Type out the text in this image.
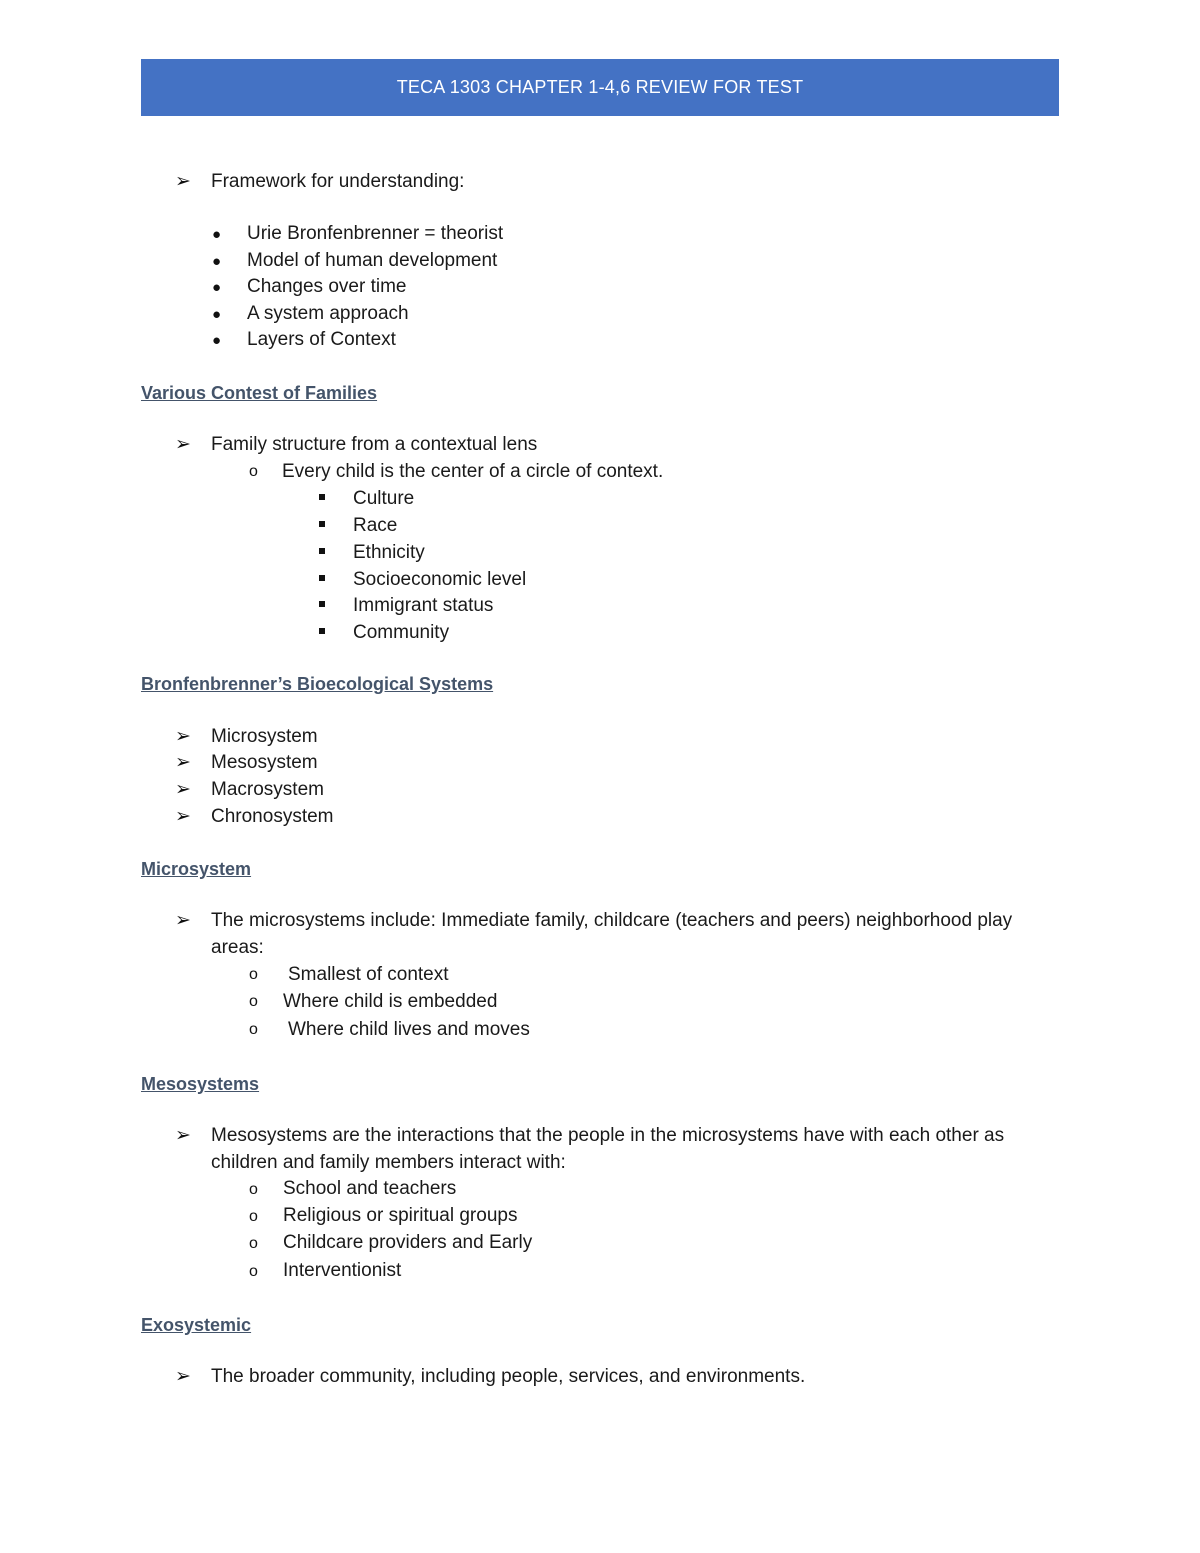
TECA 1303 CHAPTER 1-4,6 REVIEW FOR TEST
➢ Framework for understanding:
● Urie Bronfenbrenner = theorist
● Model of human development
● Changes over time
● A system approach
● Layers of Context
Various Contest of Families
➢ Family structure from a contextual lens
o Every child is the center of a circle of context.
Culture
Race
Ethnicity
Socioeconomic level
Immigrant status
Community
Bronfenbrenner’s Bioecological Systems
➢ Microsystem
➢ Mesosystem
➢ Macrosystem
➢ Chronosystem
Microsystem
➢ The microsystems include: Immediate family, childcare (teachers and peers) neighborhood play
areas:
o Smallest of context
o Where child is embedded
o Where child lives and moves
Mesosystems
➢ Mesosystems are the interactions that the people in the microsystems have with each other as
children and family members interact with:
o School and teachers
o Religious or spiritual groups
o Childcare providers and Early
o Interventionist
Exosystemic
➢ The broader community, including people, services, and environments.
